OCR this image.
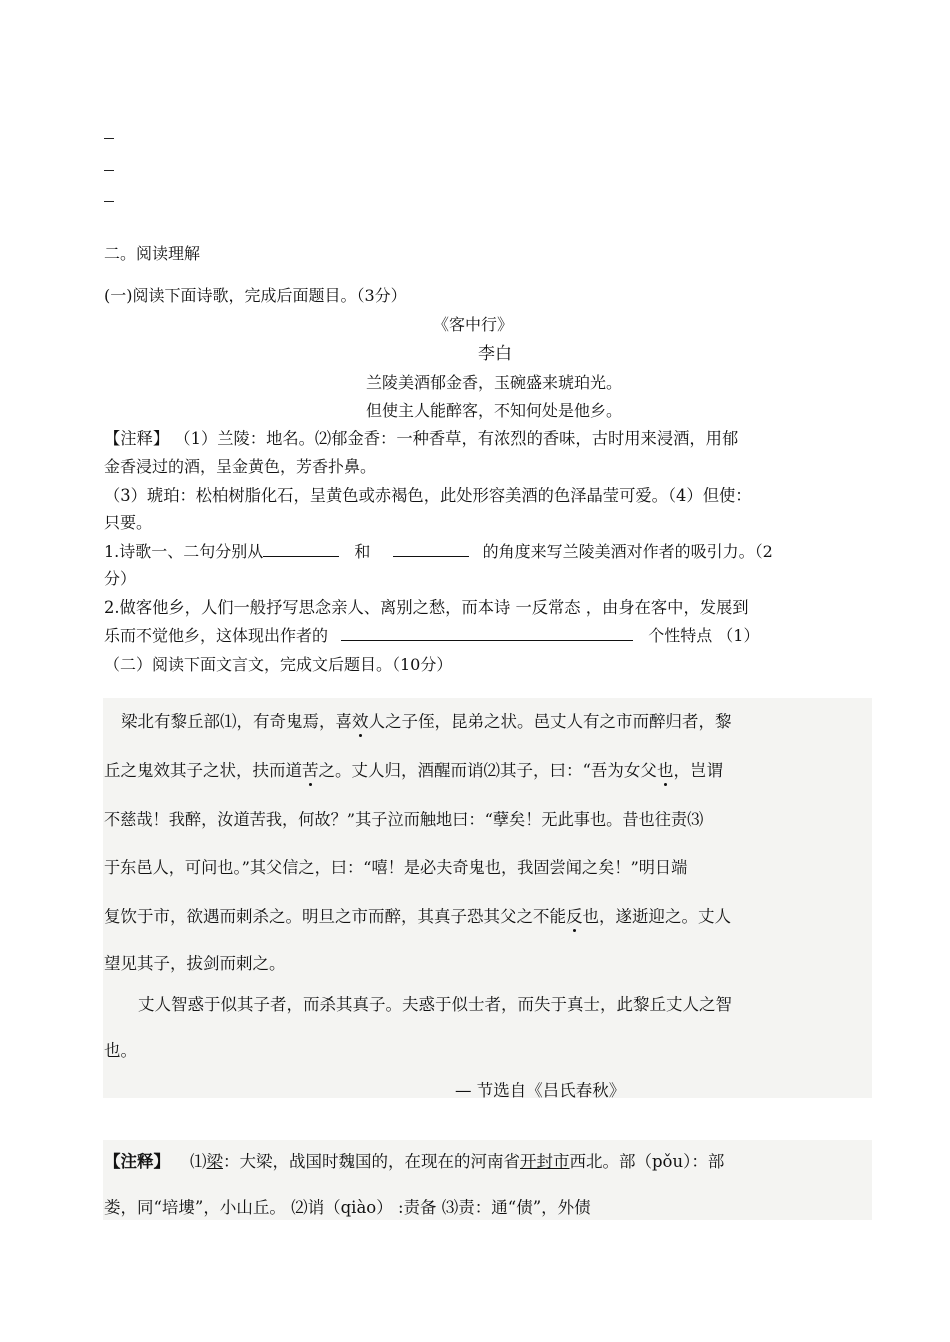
二。阅读理解
(一)阅读下面诗歌，完成后面题目。（3分）
《客中行》
李白
兰陵美酒郁金香，玉碗盛来琥珀光。
但使主人能醉客，不知何处是他乡。
【注释】 （1）兰陵：地名。⑵郁金香：一种香草，有浓烈的香味，古时用来浸酒，用郁
金香浸过的酒，呈金黄色，芳香扑鼻。
（3）琥珀：松柏树脂化石，呈黄色或赤褐色，此处形容美酒的色泽晶莹可爱。（4）但使：
只要。
1.诗歌一、二句分别从	和	的角度来写兰陵美酒对作者的吸引力。（2
分）
2.做客他乡，人们一般抒写思念亲人、离别之愁，而本诗 一反常态 ，由身在客中，发展到
乐而不觉他乡，这体现出作者的	个性特点 （1）
（二）阅读下面文言文，完成文后题目。（10分）
梁北有黎丘部⑴，有奇鬼焉，喜效人之子侄，昆弟之状。邑丈人有之市而醉归者，黎
丘之鬼效其子之状，扶而道苦之。丈人归，酒醒而诮⑵其子，曰：“吾为女父也，岂谓
不慈哉！我醉，汝道苦我，何故？”其子泣而触地曰：“孽矣！无此事也。昔也往责⑶
于东邑人，可问也。”其父信之，曰：“嘻！是必夫奇鬼也，我固尝闻之矣！”明日端
复饮于市，欲遇而刺杀之。明旦之市而醉，其真子恐其父之不能反也，遂逝迎之。丈人
望见其子，拔剑而刺之。
丈人智惑于似其子者，而杀其真子。夫惑于似士者，而失于真士，此黎丘丈人之智
也。
— 节选自《吕氏春秋》
【注释】 ⑴梁：大梁，战国时魏国的，在现在的河南省开封市西北。部（pǒu）：部
娄，同“培塿”，小山丘。 ⑵诮（qiào） :责备 ⑶责：通“债”，外债
